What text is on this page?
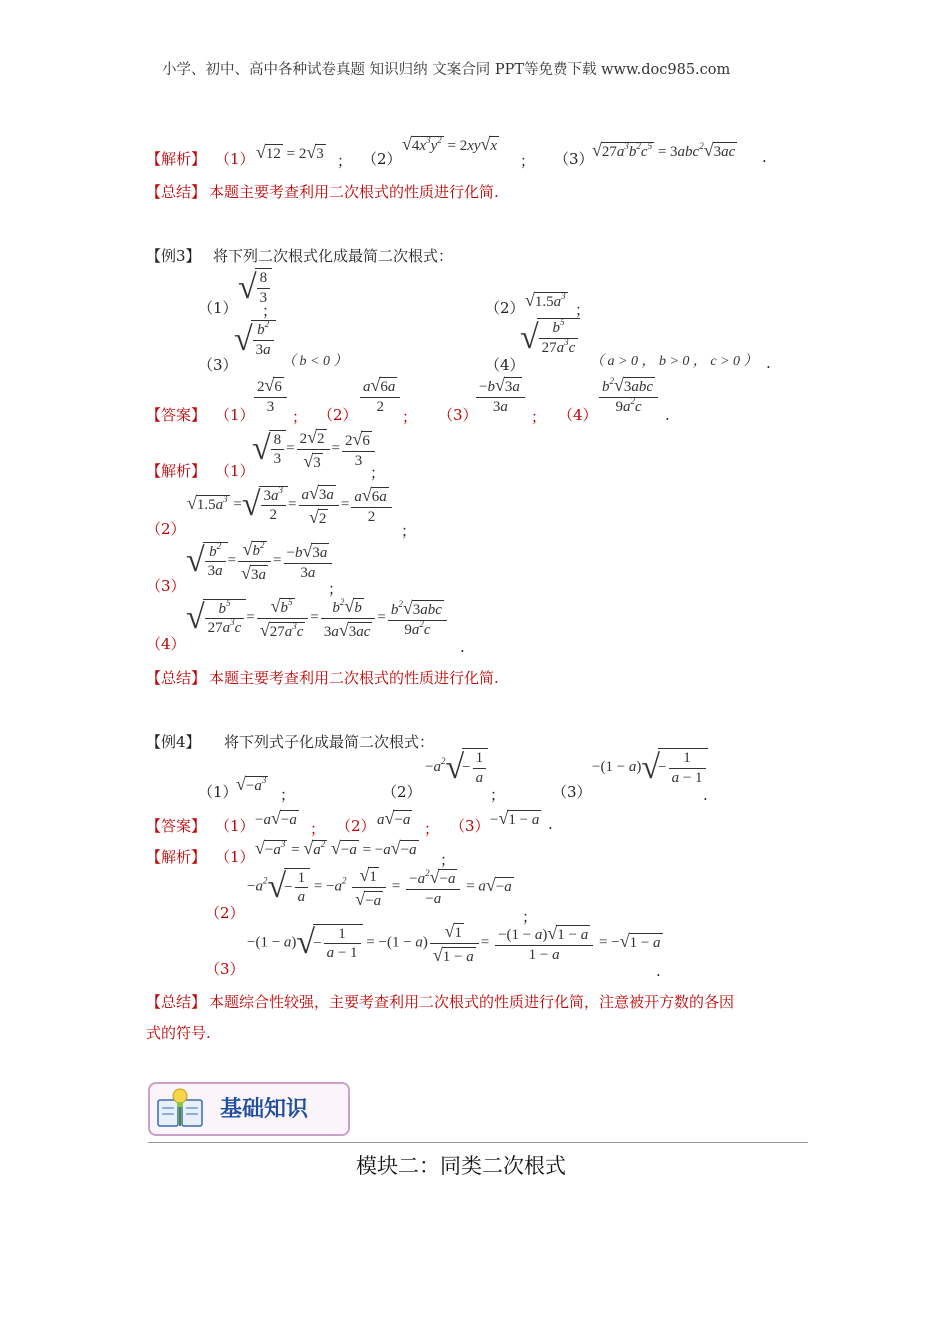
小学、初中、高中各种试卷真题 知识归纳 文案合同 PPT等免费下载 www.doc985.com
【解析】 （1） √12 = 2√3 ； （2）
$√4x^3y^2 = 2xy√x$
； （3）
$√27a^3b^2c^5 = 3abc^2√3ac$ .
【总结】 本题主要考查利用二次根式的性质进行化简.
【例3】 将下列二次根式化成最简二次根式：
（1）
√ $\frac{8}{3}$
；	（2） $√1.5a^3$
；
（3）
√ $\frac{b^2}{3a}$
（ b < 0 ）	（4）
√ $\frac{b^5}{27a^3c}$
（ a > 0 ， b > 0 ， c > 0 ） .
【答案】 $(1) \frac{2√6}{3}$
； $(2) \frac{a√6a}{2}$
； （3）
$\frac{-b√3a}{3a}$
； $(4) \frac{b^2√3abc}{9a^2c}$ .
【解析】 （1）
√ $\frac{8}{3} = \frac{2√2}{√3} = \frac{2√6}{3}$
；
（2）
$√1.5a^3$ =√ $\frac{3a^3}{2} = \frac{a√3a}{√2} = \frac{a√6a}{2}$
；
（3）
√ $\frac{b^2}{3a} = \frac{√b^2}{√3a} = \frac{-b√3a}{3a}$
；
（4）
√ $\frac{b^5}{27a^3c} = \frac{√b^5}{√27a^3c} = \frac{b^2√b}{3a√3ac} = \frac{b^2√3abc}{9a^2c}$
.
【总结】 本题主要考查利用二次根式的性质进行化简.
【例4】 将下列式子化成最简二次根式：
（1）
$√-a^3$
；	（2）
$-a^2√- \frac{1}{a}$
；	（3）
$-(1 - a)√- \frac{1}{a - 1}$
.
【答案】 （1） −a√−a ； （2） a√−a ； （3） −√1 − a .
【解析】 （1） $√-a^3 = √a^2$ √−a = −a√−a
；
（2）
$-a^2√- \frac{1}{a} = -a^2 \frac{√1}{√-a} = \frac{-a^2√-a}{-a} = a√-a$
；
（3）
$-(1 - a)√- \frac{1}{a - 1} = -(1 - a) \frac{√1}{√1 - a} = \frac{-(1 - a)√1 - a}{1 - a} = -√1 - a$
.
【总结】 本题综合性较强，主要考查利用二次根式的性质进行化简，注意被开方数的各因
式的符号.
基础知识
模块二：同类二次根式
